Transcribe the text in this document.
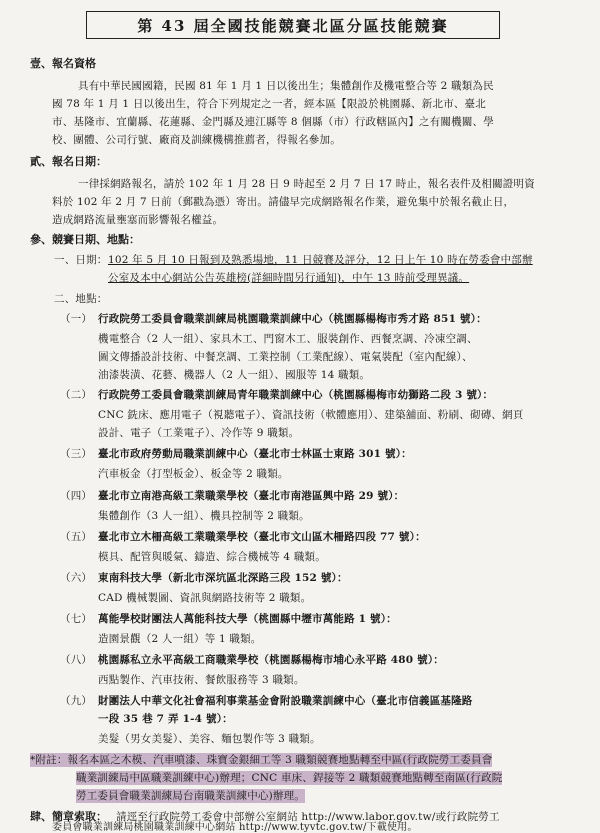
第 43 屆全國技能競賽北區分區技能競賽
壹、報名資格
具有中華民國國籍，民國 81 年 1 月 1 日以後出生；集體創作及機電整合等 2 職類為民
國 78 年 1 月 1 日以後出生，符合下列規定之一者，經本區【限設於桃園縣、新北市、臺北
市、基隆市、宜蘭縣、花蓮縣、金門縣及連江縣等 8 個縣（市）行政轄區內】之有關機關、學
校、團體、公司行號、廠商及訓練機構推薦者，得報名參加。
貳、報名日期：
一律採網路報名，請於 102 年 1 月 28 日 9 時起至 2 月 7 日 17 時止，報名表件及相關證明資
料於 102 年 2 月 7 日前（郵戳為憑）寄出。請儘早完成網路報名作業，避免集中於報名截止日，
造成網路流量壅塞而影響報名權益。
參、競賽日期、地點：
一、日期： 102 年 5 月 10 日報到及熟悉場地，11 日競賽及評分，12 日上午 10 時在勞委會中部辦
公室及本中心網站公告英雄榜(詳細時間另行通知)，中午 13 時前受理異議。
二、地點：
（一） 行政院勞工委員會職業訓練局桃園職業訓練中心（桃園縣楊梅市秀才路 851 號）：
機電整合（2 人一組）、家具木工、門窗木工、服裝創作、西餐烹調、冷凍空調、
圖文傳播設計技術、中餐烹調、工業控制（工業配線）、電氣裝配（室內配線）、
油漆裝潢、花藝、機器人（2 人一組）、國服等 14 職類。
（二） 行政院勞工委員會職業訓練局青年職業訓練中心（桃園縣楊梅市幼獅路二段 3 號）：
CNC 銑床、應用電子（視聽電子）、資訊技術（軟體應用）、建築舖面、粉刷、砌磚、網頁
設計、電子（工業電子）、冷作等 9 職類。
（三） 臺北市政府勞動局職業訓練中心（臺北市士林區士東路 301 號）：
汽車板金（打型板金）、板金等 2 職類。
（四） 臺北市立南港高級工業職業學校（臺北市南港區興中路 29 號）：
集體創作（3 人一組）、機具控制等 2 職類。
（五） 臺北市立木柵高級工業職業學校（臺北市文山區木柵路四段 77 號）：
模具、配管與暖氣、鑄造、綜合機械等 4 職類。
（六） 東南科技大學（新北市深坑區北深路三段 152 號）：
CAD 機械製圖、資訊與網路技術等 2 職類。
（七） 萬能學校財團法人萬能科技大學（桃園縣中壢市萬能路 1 號）：
造園景觀（2 人一組）等 1 職類。
（八） 桃園縣私立永平高級工商職業學校（桃園縣楊梅市埔心永平路 480 號）：
西點製作、汽車技術、餐飲服務等 3 職類。
（九） 財團法人中華文化社會福利事業基金會附設職業訓練中心（臺北市信義區基隆路
一段 35 巷 7 弄 1-4 號）：
美髮（男女美髮）、美容、麵包製作等 3 職類。
*附註：報名本區之木模、汽車噴漆、珠寶金銀細工等 3 職類競賽地點轉至中區(行政院勞工委員會
職業訓練局中區職業訓練中心)辦理；CNC 車床、銲接等 2 職類競賽地點轉至南區(行政院
勞工委員會職業訓練局台南職業訓練中心)辦理。
肆、簡章索取： 請逕至行政院勞工委會中部辦公室網站 http://www.labor.gov.tw/或行政院勞工
委員會職業訓練局桃園職業訓練中心網站 http://www.tyvtc.gov.tw/下載使用。
